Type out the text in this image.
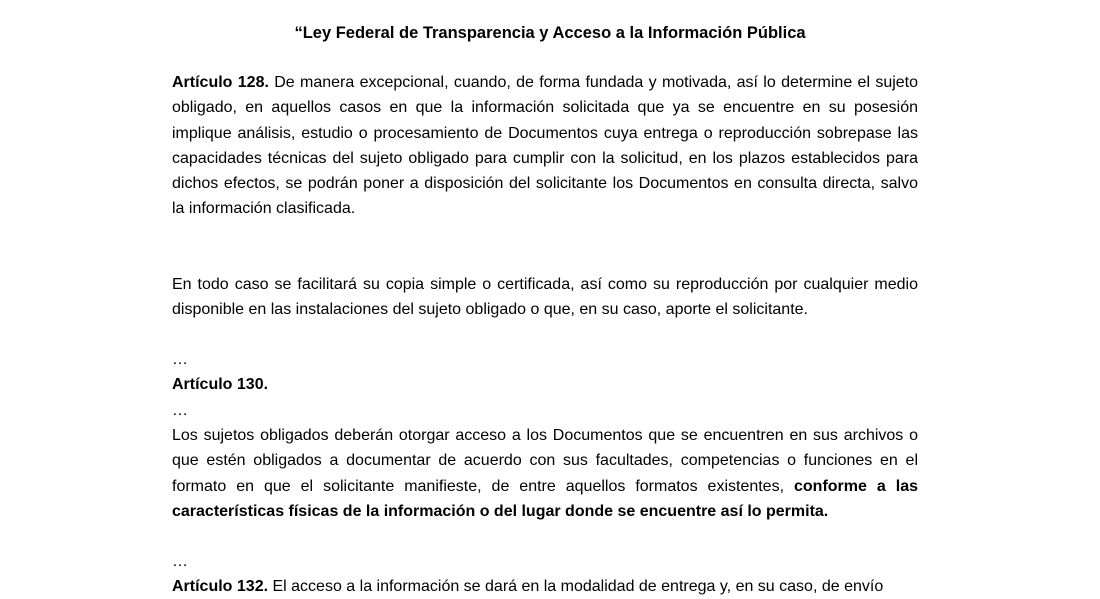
“Ley Federal de Transparencia y Acceso a la Información Pública

Artículo 128. De manera excepcional, cuando, de forma fundada y motivada, así lo determine el sujeto obligado, en aquellos casos en que la información solicitada que ya se encuentre en su posesión implique análisis, estudio o procesamiento de Documentos cuya entrega o reproducción sobrepase las capacidades técnicas del sujeto obligado para cumplir con la solicitud, en los plazos establecidos para dichos efectos, se podrán poner a disposición del solicitante los Documentos en consulta directa, salvo la información clasificada.

En todo caso se facilitará su copia simple o certificada, así como su reproducción por cualquier medio disponible en las instalaciones del sujeto obligado o que, en su caso, aporte el solicitante.

…

Artículo 130.

…

Los sujetos obligados deberán otorgar acceso a los Documentos que se encuentren en sus archivos o que estén obligados a documentar de acuerdo con sus facultades, competencias o funciones en el formato en que el solicitante manifieste, de entre aquellos formatos existentes, conforme a las características físicas de la información o del lugar donde se encuentre así lo permita.

…

Artículo 132. El acceso a la información se dará en la modalidad de entrega y, en su caso, de envío
